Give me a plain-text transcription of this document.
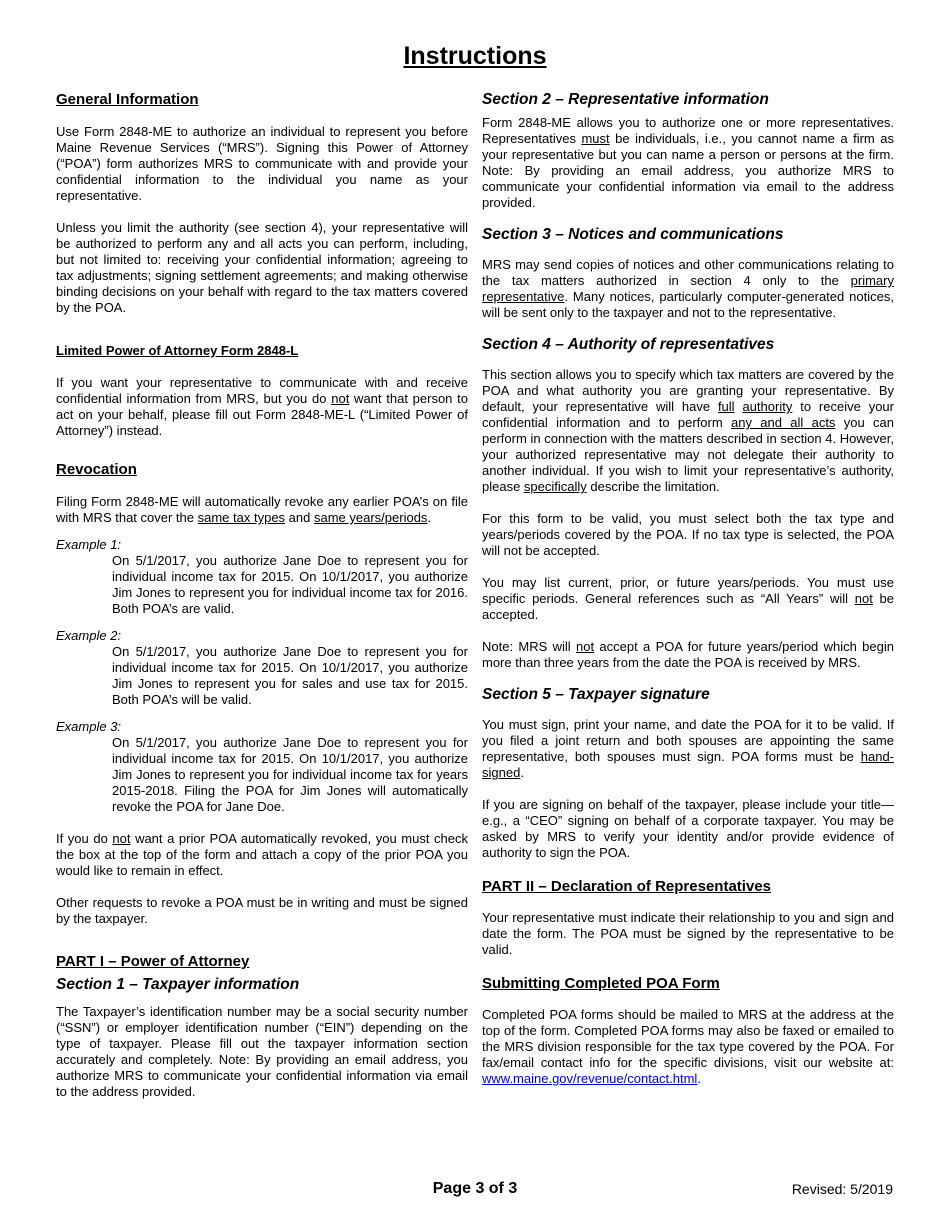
Instructions
General Information

Use Form 2848-ME to authorize an individual to represent you before Maine Revenue Services (“MRS”). Signing this Power of Attorney (“POA”) form authorizes MRS to communicate with and provide your confidential information to the individual you name as your representative.

Unless you limit the authority (see section 4), your representative will be authorized to perform any and all acts you can perform, including, but not limited to: receiving your confidential information; agreeing to tax adjustments; signing settlement agreements; and making otherwise binding decisions on your behalf with regard to the tax matters covered by the POA.

Limited Power of Attorney Form 2848-L

If you want your representative to communicate with and receive confidential information from MRS, but you do not want that person to act on your behalf, please fill out Form 2848-ME-L (“Limited Power of Attorney”) instead.

Revocation

Filing Form 2848-ME will automatically revoke any earlier POA’s on file with MRS that cover the same tax types and same years/periods.

Example 1:

On 5/1/2017, you authorize Jane Doe to represent you for individual income tax for 2015. On 10/1/2017, you authorize Jim Jones to represent you for individual income tax for 2016. Both POA’s are valid.

Example 2:

On 5/1/2017, you authorize Jane Doe to represent you for individual income tax for 2015. On 10/1/2017, you authorize Jim Jones to represent you for sales and use tax for 2015. Both POA’s will be valid.

Example 3:

On 5/1/2017, you authorize Jane Doe to represent you for individual income tax for 2015. On 10/1/2017, you authorize Jim Jones to represent you for individual income tax for years 2015-2018. Filing the POA for Jim Jones will automatically revoke the POA for Jane Doe.

If you do not want a prior POA automatically revoked, you must check the box at the top of the form and attach a copy of the prior POA you would like to remain in effect.

Other requests to revoke a POA must be in writing and must be signed by the taxpayer.

PART I – Power of Attorney
Section 1 – Taxpayer information

The Taxpayer’s identification number may be a social security number (“SSN”) or employer identification number (“EIN”) depending on the type of taxpayer. Please fill out the taxpayer information section accurately and completely. Note: By providing an email address, you authorize MRS to communicate your confidential information via email to the address provided.

Section 2 – Representative information

Form 2848-ME allows you to authorize one or more representatives. Representatives must be individuals, i.e., you cannot name a firm as your representative but you can name a person or persons at the firm. Note: By providing an email address, you authorize MRS to communicate your confidential information via email to the address provided.

Section 3 – Notices and communications

MRS may send copies of notices and other communications relating to the tax matters authorized in section 4 only to the primary representative. Many notices, particularly computer-generated notices, will be sent only to the taxpayer and not to the representative.

Section 4 – Authority of representatives

This section allows you to specify which tax matters are covered by the POA and what authority you are granting your representative. By default, your representative will have full authority to receive your confidential information and to perform any and all acts you can perform in connection with the matters described in section 4. However, your authorized representative may not delegate their authority to another individual. If you wish to limit your representative’s authority, please specifically describe the limitation.

For this form to be valid, you must select both the tax type and years/periods covered by the POA. If no tax type is selected, the POA will not be accepted.

You may list current, prior, or future years/periods. You must use specific periods. General references such as “All Years” will not be accepted.

Note: MRS will not accept a POA for future years/period which begin more than three years from the date the POA is received by MRS.

Section 5 – Taxpayer signature

You must sign, print your name, and date the POA for it to be valid. If you filed a joint return and both spouses are appointing the same representative, both spouses must sign. POA forms must be hand-signed.

If you are signing on behalf of the taxpayer, please include your title—e.g., a “CEO” signing on behalf of a corporate taxpayer. You may be asked by MRS to verify your identity and/or provide evidence of authority to sign the POA.

PART II – Declaration of Representatives

Your representative must indicate their relationship to you and sign and date the form. The POA must be signed by the representative to be valid.

Submitting Completed POA Form

Completed POA forms should be mailed to MRS at the address at the top of the form. Completed POA forms may also be faxed or emailed to the MRS division responsible for the tax type covered by the POA. For fax/email contact info for the specific divisions, visit our website at: www.maine.gov/revenue/contact.html.

Page 3 of 3	Revised: 5/2019
